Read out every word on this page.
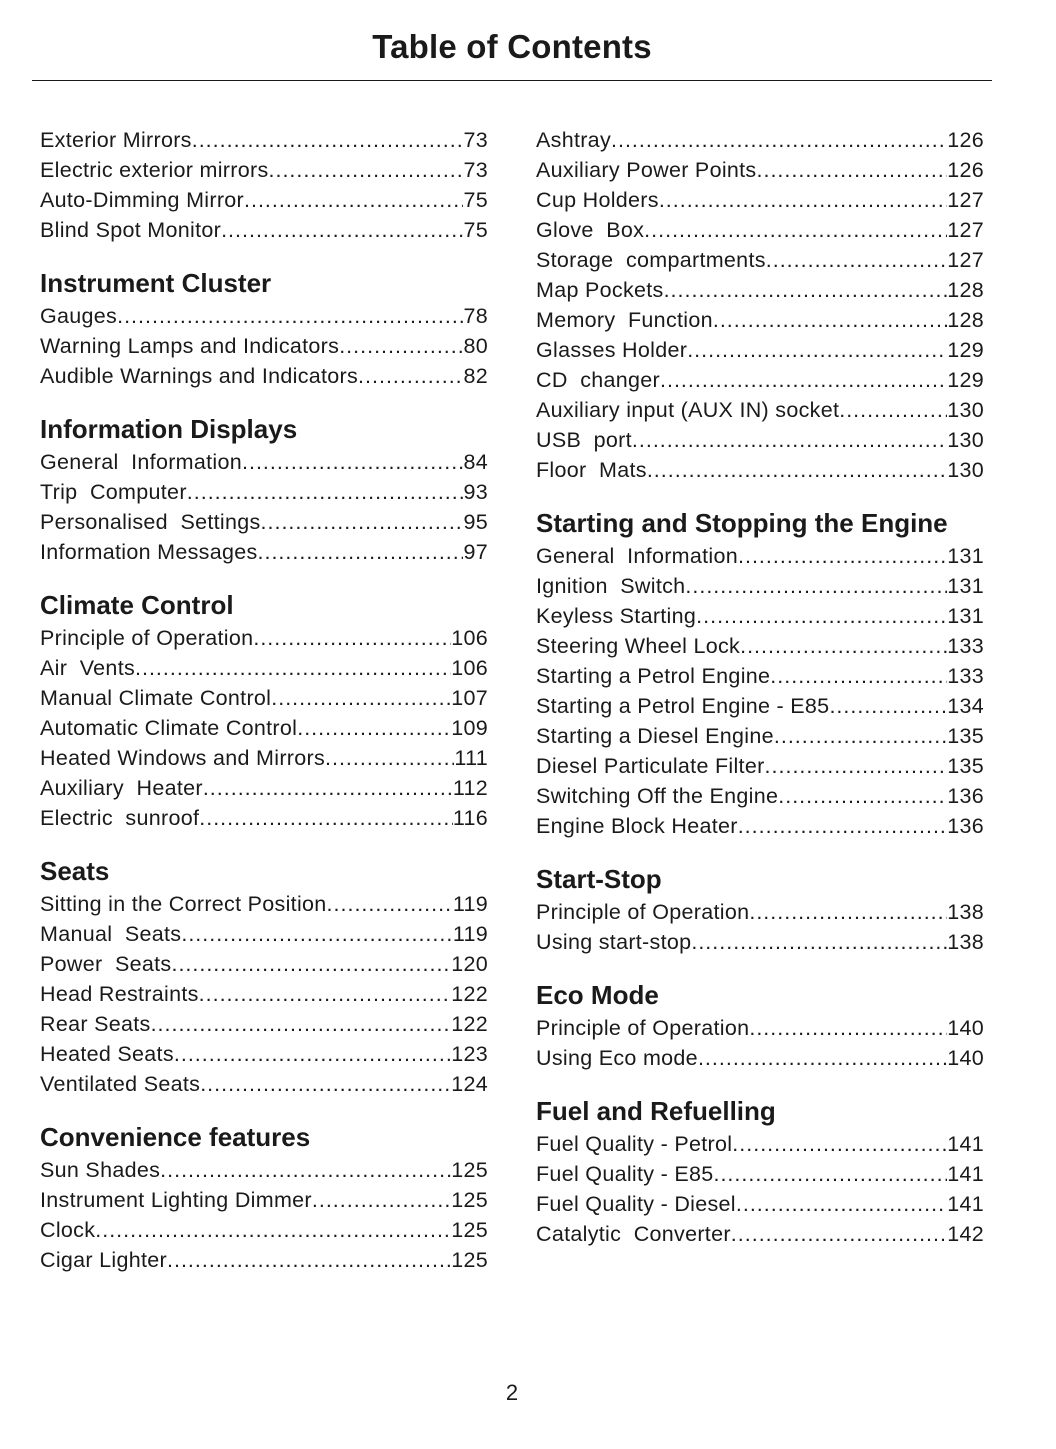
Table of Contents
Exterior Mirrors .....	73
Electric exterior mirrors .....	73
Auto-Dimming Mirror .....	75
Blind Spot Monitor .....	75
Instrument Cluster
Gauges .....	78
Warning Lamps and Indicators .....	80
Audible Warnings and Indicators .....	82
Information Displays
General  Information .....	84
Trip  Computer .....	93
Personalised  Settings .....	95
Information Messages .....	97
Climate Control
Principle of Operation .....	106
Air  Vents .....	106
Manual Climate Control .....	107
Automatic Climate Control .....	109
Heated Windows and Mirrors .....	111
Auxiliary  Heater .....	112
Electric  sunroof .....	116
Seats
Sitting in the Correct Position .....	119
Manual  Seats .....	119
Power  Seats .....	120
Head Restraints .....	122
Rear Seats .....	122
Heated Seats .....	123
Ventilated Seats .....	124
Convenience features
Sun Shades .....	125
Instrument Lighting Dimmer .....	125
Clock .....	125
Cigar Lighter .....	125
Ashtray .....	126
Auxiliary Power Points .....	126
Cup Holders .....	127
Glove  Box .....	127
Storage  compartments .....	127
Map Pockets .....	128
Memory  Function .....	128
Glasses Holder .....	129
CD  changer .....	129
Auxiliary input (AUX IN) socket .....	130
USB  port .....	130
Floor  Mats .....	130
Starting and Stopping the Engine
General  Information .....	131
Ignition  Switch .....	131
Keyless Starting .....	131
Steering Wheel Lock .....	133
Starting a Petrol Engine .....	133
Starting a Petrol Engine - E85 .....	134
Starting a Diesel Engine .....	135
Diesel Particulate Filter .....	135
Switching Off the Engine .....	136
Engine Block Heater .....	136
Start-Stop
Principle of Operation .....	138
Using start-stop .....	138
Eco Mode
Principle of Operation .....	140
Using Eco mode .....	140
Fuel and Refuelling
Fuel Quality - Petrol .....	141
Fuel Quality - E85 .....	141
Fuel Quality - Diesel .....	141
Catalytic  Converter .....	142
2
